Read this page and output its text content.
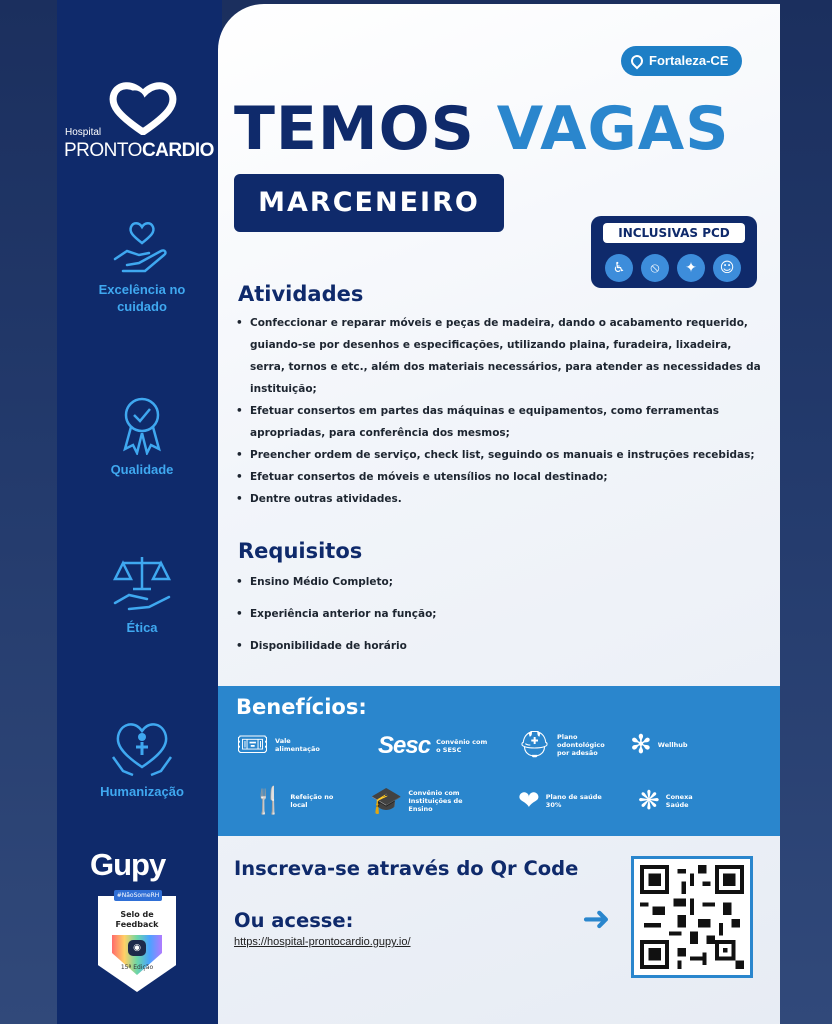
Hospital
PRONTOCARDIO
Excelência no cuidado
Qualidade
Ética
Humanização
Gupy
#NãoSomeRH
Selo de Feedback
◉
15ª Edição
Fortaleza-CE
TEMOS VAGAS
MARCENEIRO
INCLUSIVAS PCD
♿	⦸	✦	☺
Atividades
• Confeccionar e reparar móveis e peças de madeira, dando o acabamento requerido, guiando-se por desenhos e especificações, utilizando plaina, furadeira, lixadeira, serra, tornos e etc., além dos materiais necessários, para atender as necessidades da instituição;
• Efetuar consertos em partes das máquinas e equipamentos, como ferramentas apropriadas, para conferência dos mesmos;
• Preencher ordem de serviço, check list, seguindo os manuais e instruções recebidas;
• Efetuar consertos de móveis e utensílios no local destinado;
• Dentre outras atividades.
Requisitos
• Ensino Médio Completo;
• Experiência anterior na função;
• Disponibilidade de horário
Benefícios:
🎟 Vale alimentação Sesc Convênio com o SESC	⛑ Plano odontológico por adesão	✻ Wellhub
🍴 Refeição no local	🎓 Convênio com Instituições de Ensino	❤ Plano de saúde 30%	❋ Conexa Saúde
Inscreva-se através do Qr Code
Ou acesse:
https://hospital-prontocardio.gupy.io/
➜
